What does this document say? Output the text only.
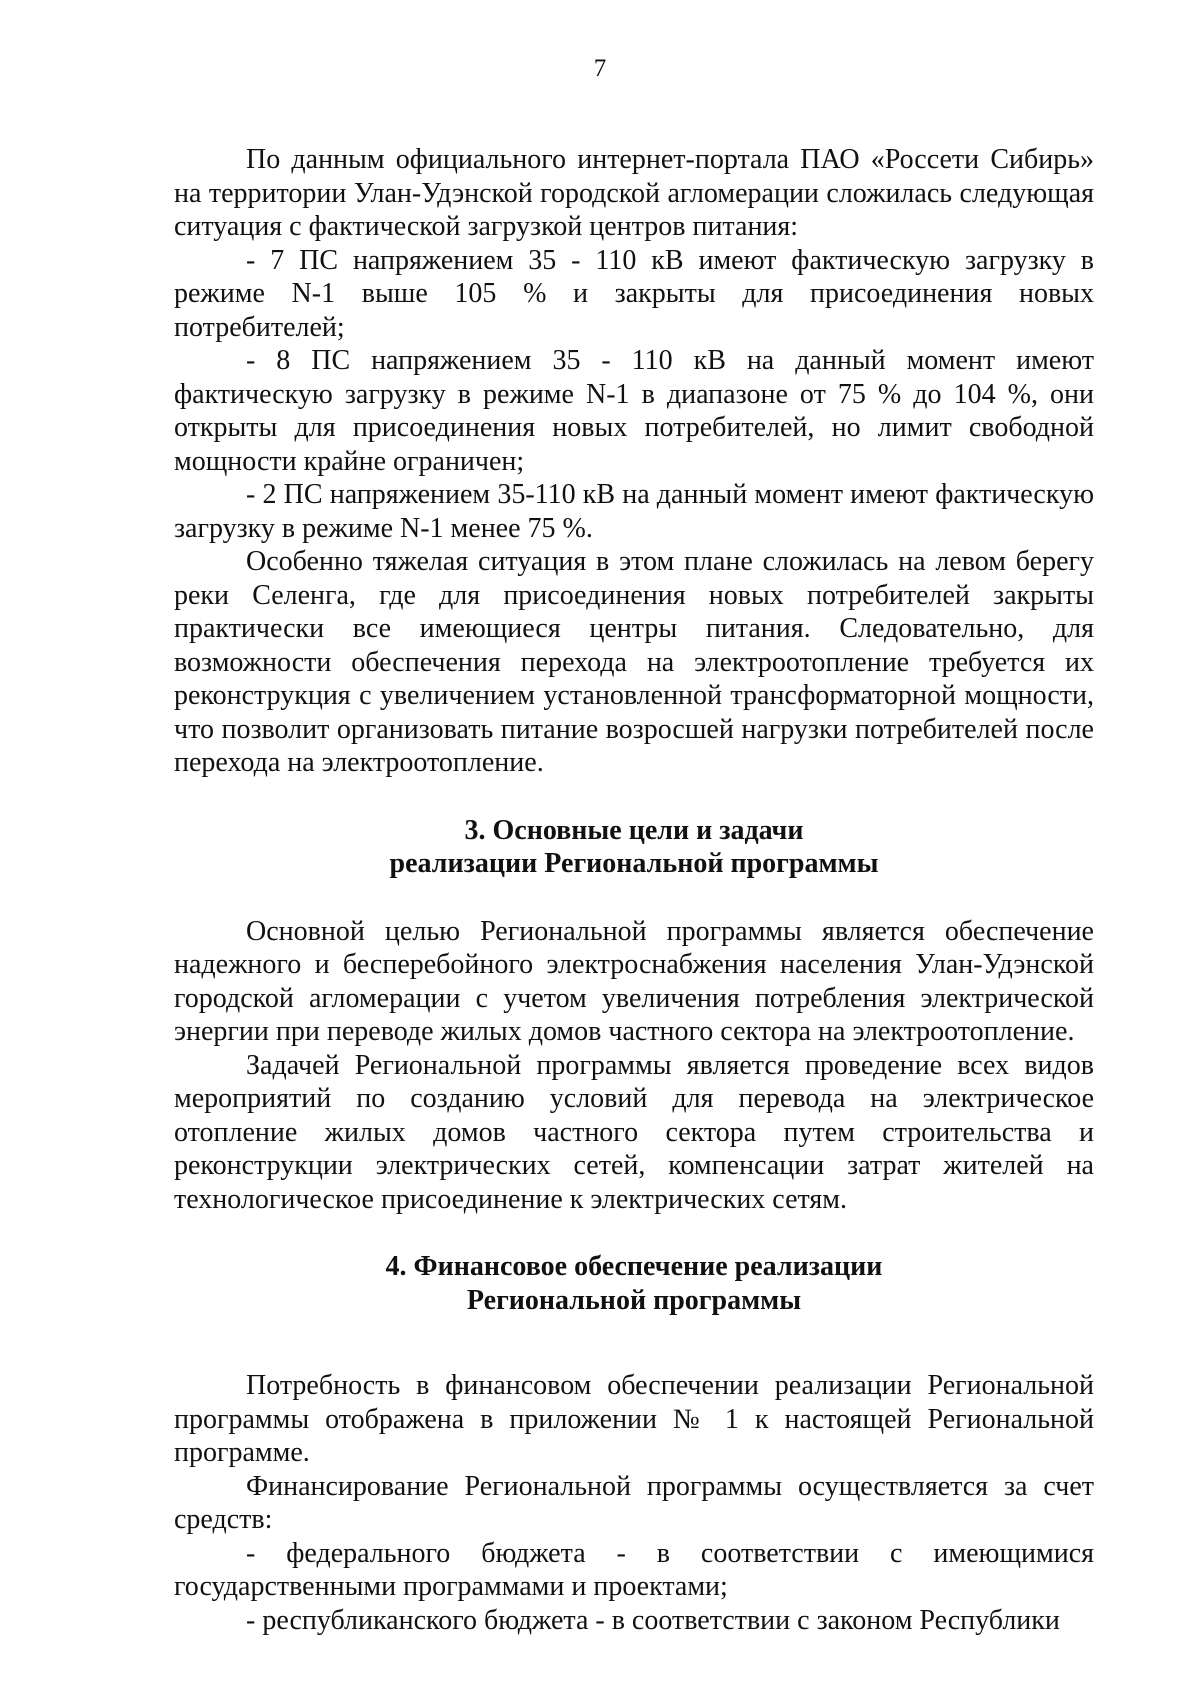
7

По данным официального интернет-портала ПАО «Россети Сибирь» на территории Улан-Удэнской городской агломерации сложилась следующая ситуация с фактической загрузкой центров питания:

- 7 ПС напряжением 35 - 110 кВ имеют фактическую загрузку в режиме N-1 выше 105 % и закрыты для присоединения новых потребителей;

- 8 ПС напряжением 35 - 110 кВ на данный момент имеют фактическую загрузку в режиме N-1 в диапазоне от 75 % до 104 %, они открыты для присоединения новых потребителей, но лимит свободной мощности крайне ограничен;

- 2 ПС напряжением 35-110 кВ на данный момент имеют фактическую загрузку в режиме N-1 менее 75 %.

Особенно тяжелая ситуация в этом плане сложилась на левом берегу реки Селенга, где для присоединения новых потребителей закрыты практически все имеющиеся центры питания. Следовательно, для возможности обеспечения перехода на электроотопление требуется их реконструкция с увеличением установленной трансформаторной мощности, что позволит организовать питание возросшей нагрузки потребителей после перехода на электроотопление.

3. Основные цели и задачи
реализации Региональной программы

Основной целью Региональной программы является обеспечение надежного и бесперебойного электроснабжения населения Улан-Удэнской городской агломерации с учетом увеличения потребления электрической энергии при переводе жилых домов частного сектора на электроотопление.

Задачей Региональной программы является проведение всех видов мероприятий по созданию условий для перевода на электрическое отопление жилых домов частного сектора путем строительства и реконструкции электрических сетей, компенсации затрат жителей на технологическое присоединение к электрических сетям.

4. Финансовое обеспечение реализации
Региональной программы

Потребность в финансовом обеспечении реализации Региональной программы отображена в приложении № 1 к настоящей Региональной программе.

Финансирование Региональной программы осуществляется за счет средств:

- федерального бюджета - в соответствии с имеющимися государственными программами и проектами;

- республиканского бюджета - в соответствии с законом Республики
